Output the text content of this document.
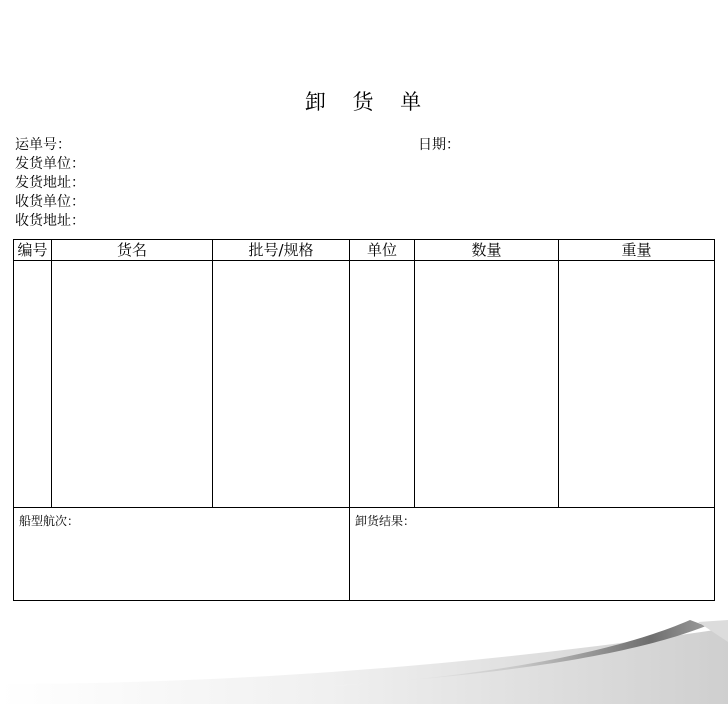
卸 货 单
运单号：	日期：
发货单位：
发货地址：
收货单位：
收货地址：
编号	货名	批号/规格	单位	数量	重量

船型航次：			卸货结果：		
